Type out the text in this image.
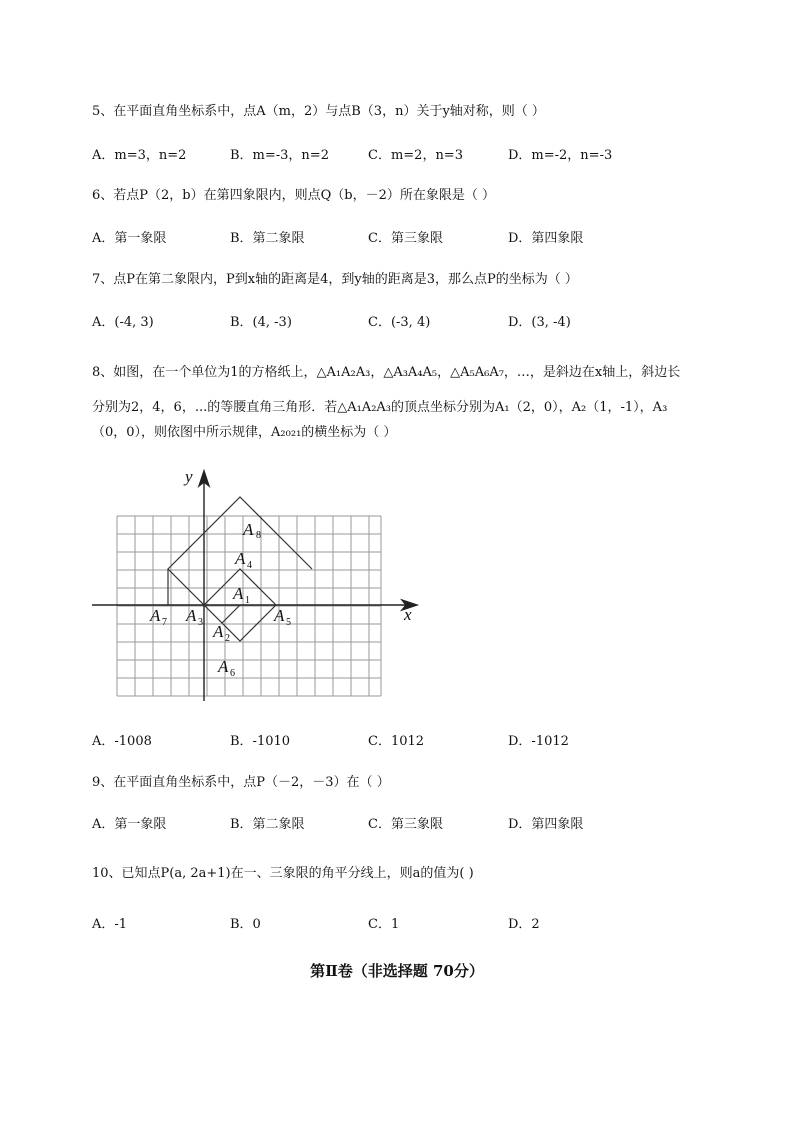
5、在平面直角坐标系中，点A（m，2）与点B（3，n）关于y轴对称，则（ ）
A．m=3，n=2	B．m=-3，n=2	C．m=2，n=3	D．m=-2，n=-3
6、若点P（2，b）在第四象限内，则点Q（b，－2）所在象限是（ ）
A．第一象限	B．第二象限	C．第三象限	D．第四象限
7、点P在第二象限内，P到x轴的距离是4，到y轴的距离是3，那么点P的坐标为（ ）
A．(-4, 3)	B．(4, -3)	C．(-3, 4)	D．(3, -4)
8、如图，在一个单位为1的方格纸上，△A₁A₂A₃，△A₃A₄A₅，△A₅A₆A₇，…，是斜边在x轴上，斜边长
分别为2，4，6，...的等腰直角三角形．若△A₁A₂A₃的顶点坐标分别为A₁（2，0），A₂（1，-1），A₃
（0，0），则依图中所示规律，A₂₀₂₁的横坐标为（ ）
y
x
A 8
A 4
A 1
A 7 A 3 A 2
A 5
A 6
A．-1008	B．-1010	C．1012	D．-1012
9、在平面直角坐标系中，点P（－2，－3）在（ ）
A．第一象限	B．第二象限	C．第三象限	D．第四象限
10、已知点P(a, 2a+1)在一、三象限的角平分线上，则a的值为( )
A．-1	B．0	C．1	D．2
第Ⅱ卷（非选择题 70分）
